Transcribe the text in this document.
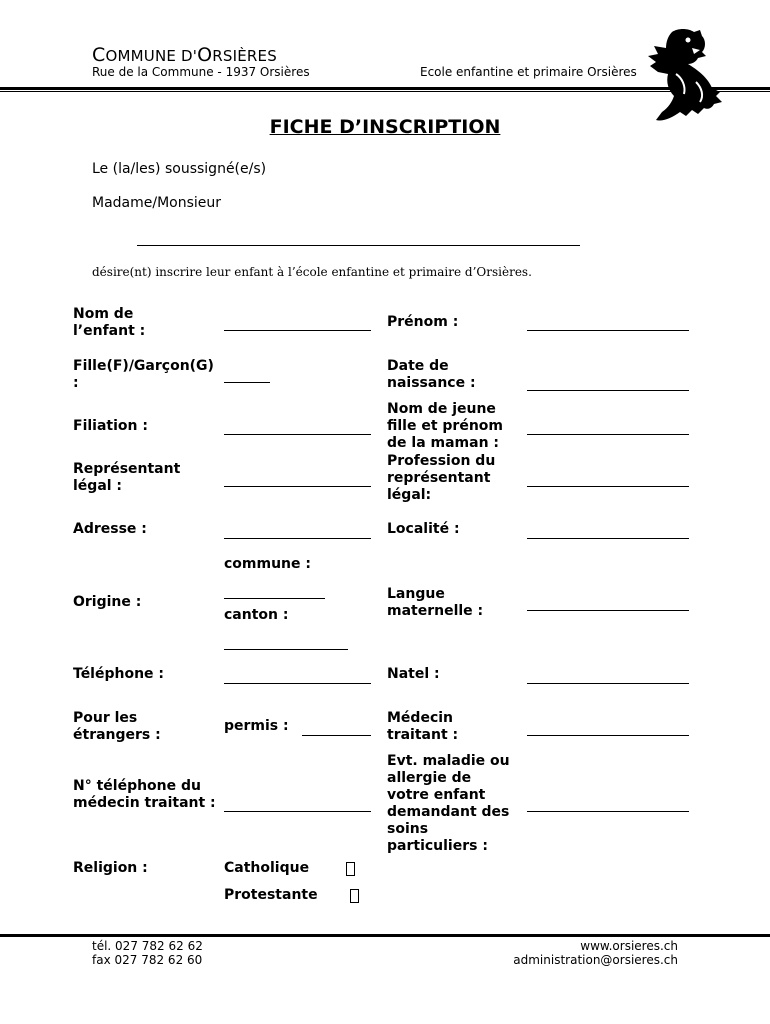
COMMUNE D'ORSIÈRES
Rue de la Commune - 1937 Orsières	Ecole enfantine et primaire Orsières
FICHE D’INSCRIPTION
Le (la/les) soussigné(e/s)
Madame/Monsieur
désire(nt) inscrire leur enfant à l’école enfantine et primaire d’Orsières.
Nom de l’enfant :
Fille(F)/Garçon(G) :
Filiation :
Représentant légal :
Adresse :
commune :
Origine :
canton :
Téléphone :
Pour les étrangers :
permis :
N° téléphone du médecin traitant :
Religion :	Catholique
Protestante
Prénom :
Date de naissance :
Nom de jeune fille et prénom de la maman :
Profession du représentant légal:
Localité :
Langue maternelle :
Natel :
Médecin traitant :
Evt. maladie ou allergie de votre enfant demandant des soins particuliers :
tél. 027 782 62 62
fax 027 782 62 60
www.orsieres.ch
administration@orsieres.ch
